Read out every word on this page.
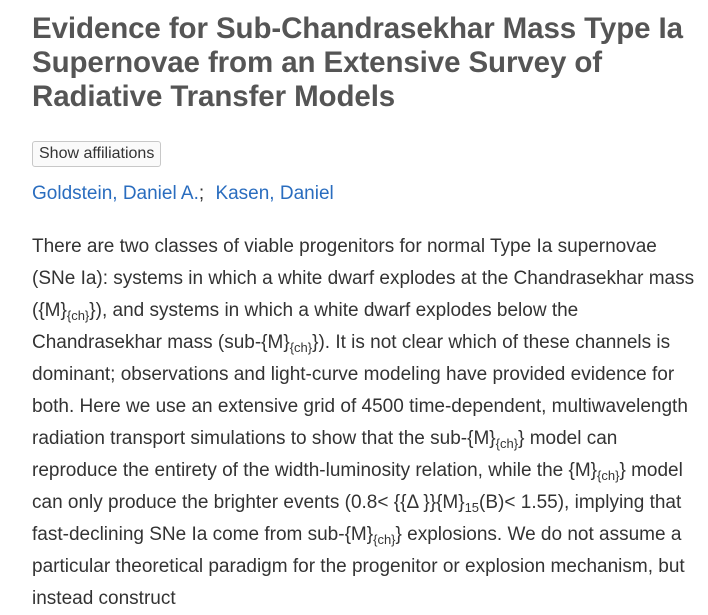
Evidence for Sub-Chandrasekhar Mass Type Ia Supernovae from an Extensive Survey of Radiative Transfer Models
Show affiliations
Goldstein, Daniel A.; Kasen, Daniel
There are two classes of viable progenitors for normal Type Ia supernovae (SNe Ia): systems in which a white dwarf explodes at the Chandrasekhar mass $(\{M\}_{\{ch\}}\}$), and systems in which a white dwarf explodes below the Chandrasekhar mass $(sub-\{M\}_{\{ch\}}\}$). It is not clear which of these channels is dominant; observations and light-curve modeling have provided evidence for both. Here we use an extensive grid of 4500 time-dependent, multiwavelength radiation transport simulations to show that the sub-$\{M\}_{\{ch\}}$} model can reproduce the entirety of the width-luminosity relation, while the $\{M\}_{\{ch\}}$} model can only produce the brighter events (0.8< {{Δ }}$\{M\}_{15}(B)< 1.55$), implying that fast-declining SNe Ia come from sub-$\{M\}_{\{ch\}}$} explosions. We do not assume a particular theoretical paradigm for the progenitor or explosion mechanism, but instead construct
